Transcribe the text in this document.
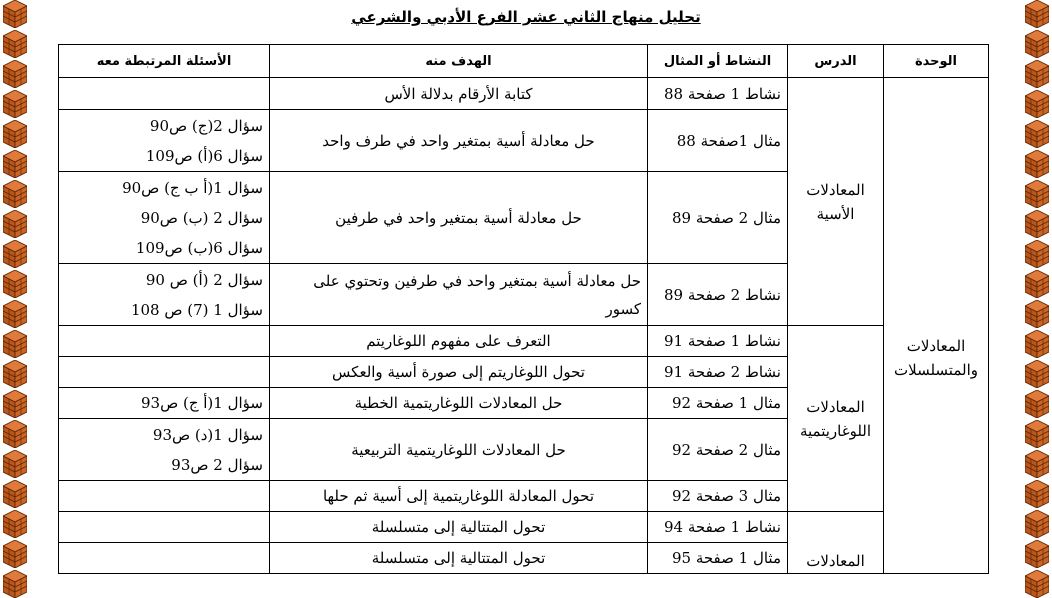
تحليل منهاج الثاني عشر الفرع الأدبي والشرعي
الوحدة	الدرس	النشاط أو المثال	الهدف منه	الأسئلة المرتبطة معه
المعادلات والمتسلسلات	المعادلات الأسية	نشاط 1 صفحة 88	كتابة الأرقام بدلالة الأس	
		مثال 1صفحة 88	حل معادلة أسية بمتغير واحد في طرف واحد	سؤال 2(ج) ص90
سؤال 6(أ) ص109

		مثال 2 صفحة 89	حل معادلة أسية بمتغير واحد في طرفين	سؤال 1(أ ب ج) ص90
سؤال 2 (ب) ص90
سؤال 6(ب) ص109

		نشاط 2 صفحة 89	حل معادلة أسية بمتغير واحد في طرفين وتحتوي على كسور	سؤال 2 (أ) ص 90
سؤال 1 (7) ص 108

	المعادلات اللوغاريتمية	نشاط 1 صفحة 91	التعرف على مفهوم اللوغاريتم	
		نشاط 2 صفحة 91	تحول اللوغاريتم إلى صورة أسية والعكس	
		مثال 1 صفحة 92	حل المعادلات اللوغاريتمية الخطية	سؤال 1(أ ج) ص93

		مثال 2 صفحة 92	حل المعادلات اللوغاريتمية التربيعية	سؤال 1(د) ص93
سؤال 2 ص93

		مثال 3 صفحة 92	تحول المعادلة اللوغاريتمية إلى أسية ثم حلها	
	المعادلات	نشاط 1 صفحة 94	تحول المتتالية إلى متسلسلة	
		مثال 1 صفحة 95	تحول المتتالية إلى متسلسلة	
